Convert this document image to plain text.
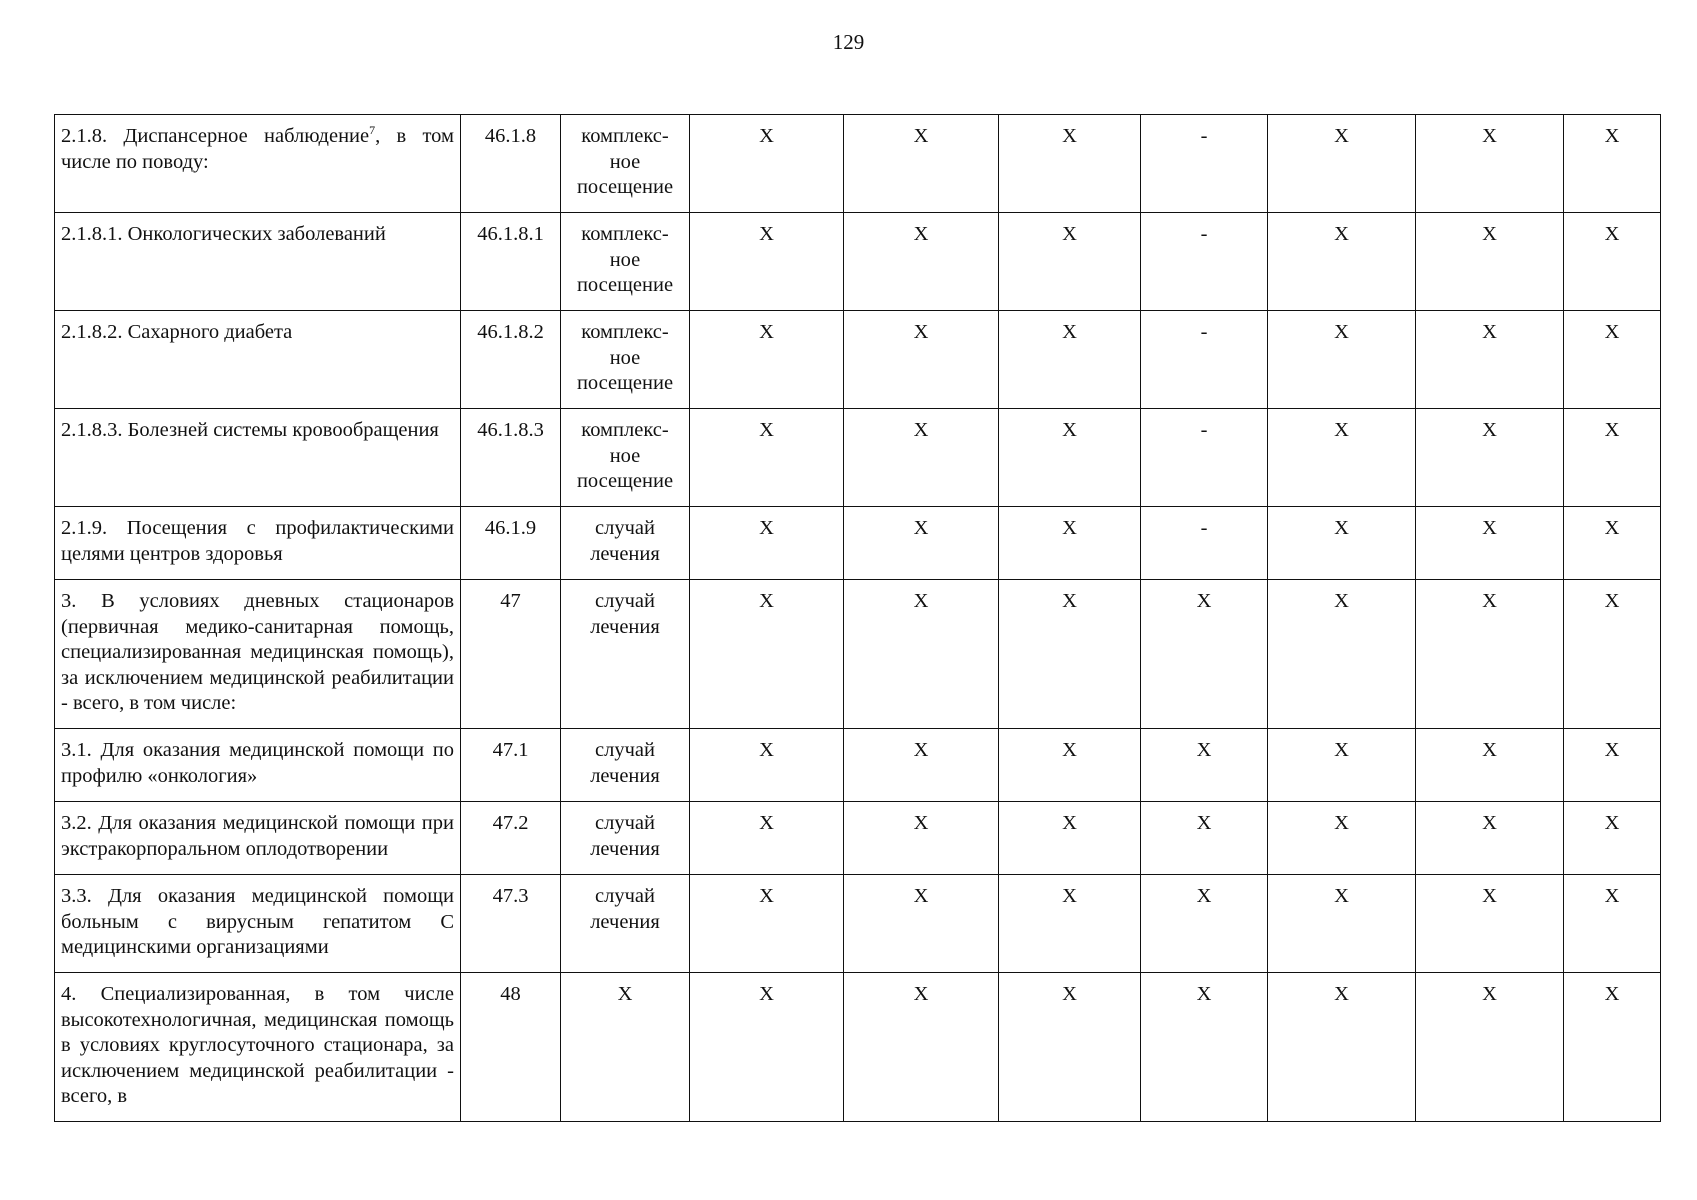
129
2.1.8. Диспансерное наблюдение$^7$, в том числе по поводу:	46.1.8	комплекс-
ное
посещение	X	X	X	-	X	X	X
2.1.8.1. Онкологических заболеваний	46.1.8.1	комплекс-
ное
посещение	X	X	X	-	X	X	X
2.1.8.2. Сахарного диабета	46.1.8.2	комплекс-
ное
посещение	X	X	X	-	X	X	X
2.1.8.3. Болезней системы кровообращения	46.1.8.3	комплекс-
ное
посещение	X	X	X	-	X	X	X
2.1.9. Посещения с профилактическими целями центров здоровья	46.1.9	случай
лечения	X	X	X	-	X	X	X
3. В условиях дневных стационаров (первичная медико-санитарная помощь, специализированная медицинская помощь), за исключением медицинской реабилитации - всего, в том числе:	47	случай
лечения	X	X	X	X	X	X	X
3.1. Для оказания медицинской помощи по профилю «онкология»	47.1	случай
лечения	X	X	X	X	X	X	X
3.2. Для оказания медицинской помощи при экстракорпоральном оплодотворении	47.2	случай
лечения	X	X	X	X	X	X	X
3.3. Для оказания медицинской помощи больным с вирусным гепатитом С медицинскими организациями	47.3	случай
лечения	X	X	X	X	X	X	X
4. Специализированная, в том числе высокотехнологичная, медицинская помощь в условиях круглосуточного стационара, за исключением медицинской реабилитации - всего, в	48	X	X	X	X	X	X	X	X
